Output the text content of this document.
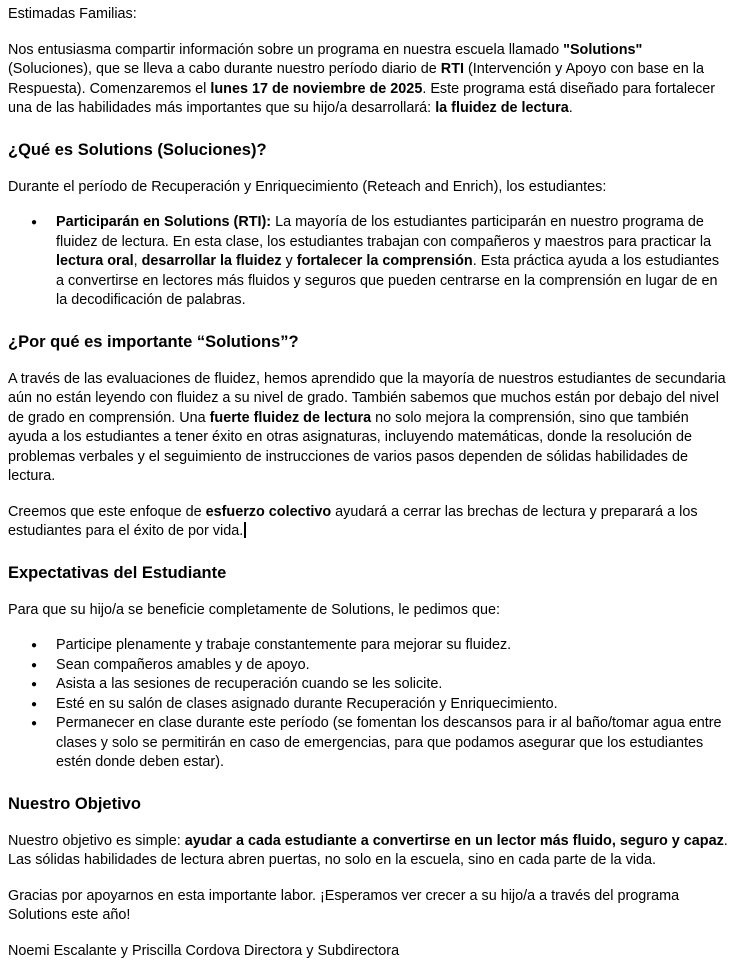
Estimadas Familias:

Nos entusiasma compartir información sobre un programa en nuestra escuela llamado "Solutions" (Soluciones), que se lleva a cabo durante nuestro período diario de RTI (Intervención y Apoyo con base en la Respuesta). Comenzaremos el lunes 17 de noviembre de 2025. Este programa está diseñado para fortalecer una de las habilidades más importantes que su hijo/a desarrollará: la fluidez de lectura.

¿Qué es Solutions (Soluciones)?

Durante el período de Recuperación y Enriquecimiento (Reteach and Enrich), los estudiantes:

● Participarán en Solutions (RTI): La mayoría de los estudiantes participarán en nuestro programa de fluidez de lectura. En esta clase, los estudiantes trabajan con compañeros y maestros para practicar la lectura oral, desarrollar la fluidez y fortalecer la comprensión. Esta práctica ayuda a los estudiantes a convertirse en lectores más fluidos y seguros que pueden centrarse en la comprensión en lugar de en la decodificación de palabras.
¿Por qué es importante “Solutions”?

A través de las evaluaciones de fluidez, hemos aprendido que la mayoría de nuestros estudiantes de secundaria aún no están leyendo con fluidez a su nivel de grado. También sabemos que muchos están por debajo del nivel de grado en comprensión. Una fuerte fluidez de lectura no solo mejora la comprensión, sino que también ayuda a los estudiantes a tener éxito en otras asignaturas, incluyendo matemáticas, donde la resolución de problemas verbales y el seguimiento de instrucciones de varios pasos dependen de sólidas habilidades de lectura.

Creemos que este enfoque de esfuerzo colectivo ayudará a cerrar las brechas de lectura y preparará a los estudiantes para el éxito de por vida.

Expectativas del Estudiante

Para que su hijo/a se beneficie completamente de Solutions, le pedimos que:

● Participe plenamente y trabaje constantemente para mejorar su fluidez.
● Sean compañeros amables y de apoyo.
● Asista a las sesiones de recuperación cuando se les solicite.
● Esté en su salón de clases asignado durante Recuperación y Enriquecimiento.
● Permanecer en clase durante este período (se fomentan los descansos para ir al baño/tomar agua entre clases y solo se permitirán en caso de emergencias, para que podamos asegurar que los estudiantes estén donde deben estar).
Nuestro Objetivo

Nuestro objetivo es simple: ayudar a cada estudiante a convertirse en un lector más fluido, seguro y capaz. Las sólidas habilidades de lectura abren puertas, no solo en la escuela, sino en cada parte de la vida.

Gracias por apoyarnos en esta importante labor. ¡Esperamos ver crecer a su hijo/a a través del programa Solutions este año!

Noemi Escalante y Priscilla Cordova Directora y Subdirectora
